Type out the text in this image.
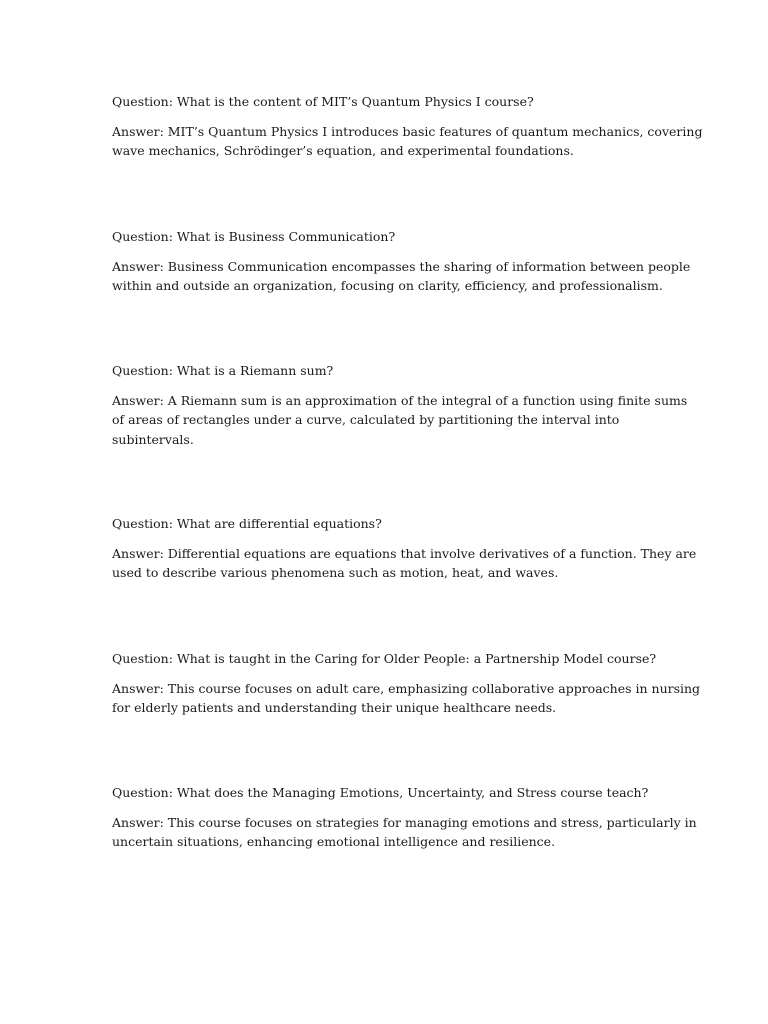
Question: What is the content of MIT’s Quantum Physics I course?

Answer: MIT’s Quantum Physics I introduces basic features of quantum mechanics, covering
wave mechanics, Schrödinger’s equation, and experimental foundations.

Question: What is Business Communication?

Answer: Business Communication encompasses the sharing of information between people
within and outside an organization, focusing on clarity, efficiency, and professionalism.

Question: What is a Riemann sum?

Answer: A Riemann sum is an approximation of the integral of a function using finite sums
of areas of rectangles under a curve, calculated by partitioning the interval into
subintervals.

Question: What are differential equations?

Answer: Differential equations are equations that involve derivatives of a function. They are
used to describe various phenomena such as motion, heat, and waves.

Question: What is taught in the Caring for Older People: a Partnership Model course?

Answer: This course focuses on adult care, emphasizing collaborative approaches in nursing
for elderly patients and understanding their unique healthcare needs.

Question: What does the Managing Emotions, Uncertainty, and Stress course teach?

Answer: This course focuses on strategies for managing emotions and stress, particularly in
uncertain situations, enhancing emotional intelligence and resilience.
